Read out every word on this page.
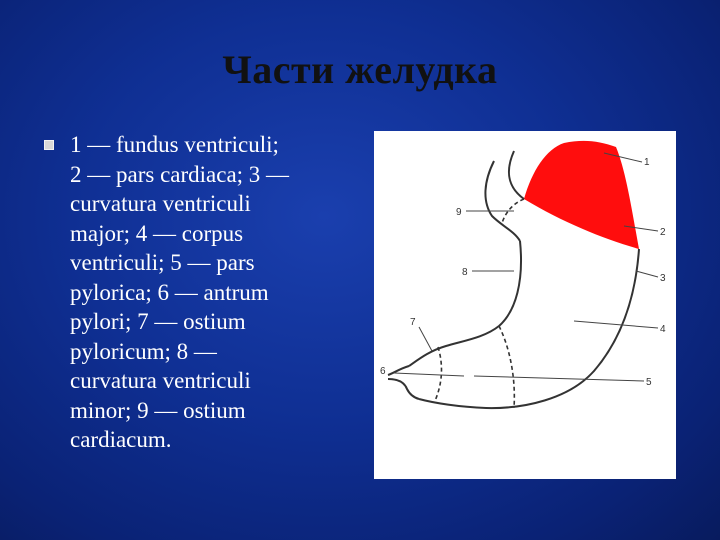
Части желудка
1 — fundus ventriculi;
2 — pars cardiaca; 3 —
curvatura ventriculi
major; 4 — corpus
ventriculi; 5 — pars
pylorica; 6 — antrum
pylori; 7 — ostium
pyloricum; 8 —
curvatura ventriculi
minor; 9 — ostium
cardiacum.
1
2
3
4
5
6
7
8
9
